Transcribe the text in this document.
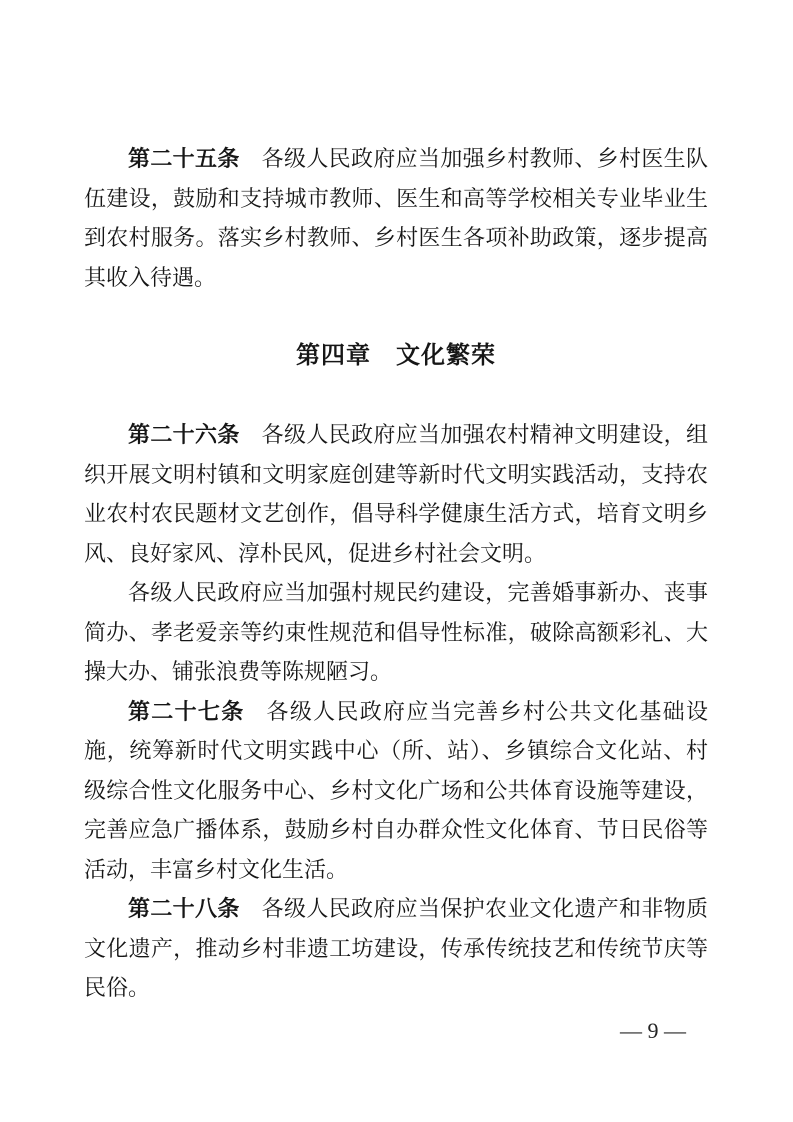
第二十五条 各级人民政府应当加强乡村教师、乡村医生队伍建设，鼓励和支持城市教师、医生和高等学校相关专业毕业生到农村服务。落实乡村教师、乡村医生各项补助政策，逐步提高其收入待遇。

第四章　文化繁荣

第二十六条 各级人民政府应当加强农村精神文明建设，组织开展文明村镇和文明家庭创建等新时代文明实践活动，支持农业农村农民题材文艺创作，倡导科学健康生活方式，培育文明乡风、良好家风、淳朴民风，促进乡村社会文明。

各级人民政府应当加强村规民约建设，完善婚事新办、丧事简办、孝老爱亲等约束性规范和倡导性标准，破除高额彩礼、大操大办、铺张浪费等陈规陋习。

第二十七条 各级人民政府应当完善乡村公共文化基础设施，统筹新时代文明实践中心（所、站）、乡镇综合文化站、村级综合性文化服务中心、乡村文化广场和公共体育设施等建设，完善应急广播体系，鼓励乡村自办群众性文化体育、节日民俗等活动，丰富乡村文化生活。

第二十八条 各级人民政府应当保护农业文化遗产和非物质文化遗产，推动乡村非遗工坊建设，传承传统技艺和传统节庆等民俗。

— 9 —
